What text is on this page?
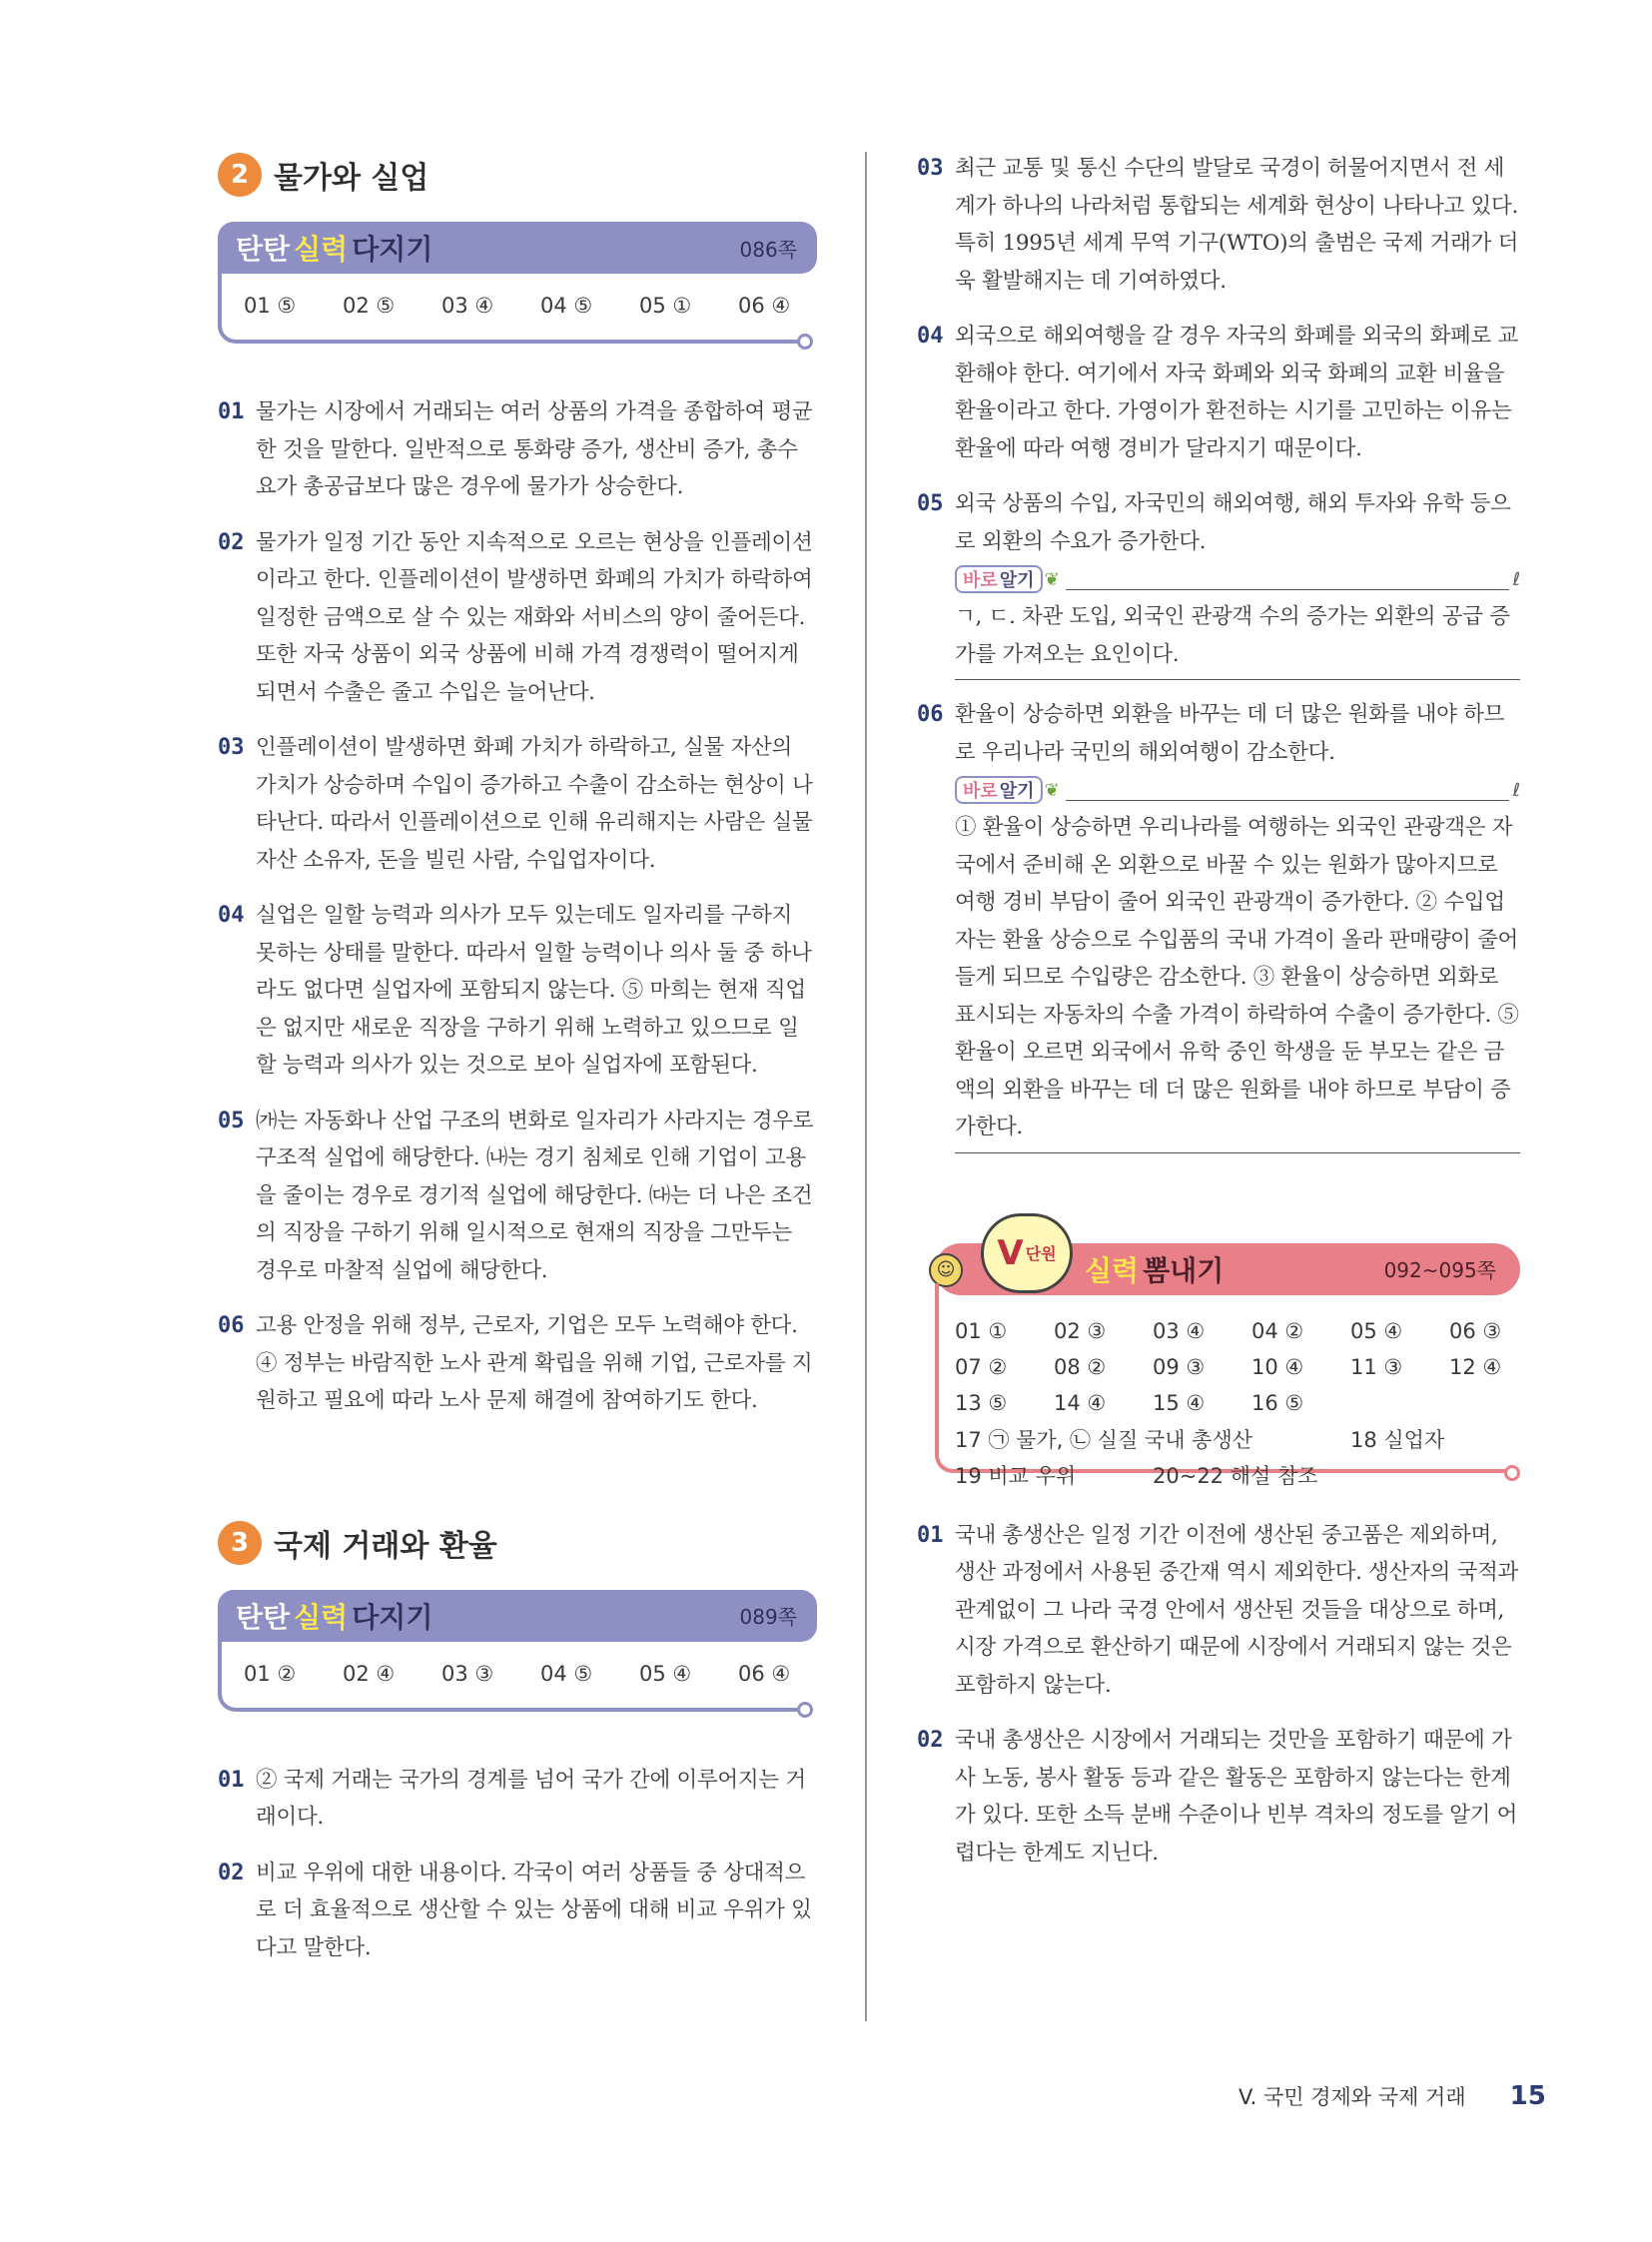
2 물가와 실업
탄탄 실력 다지기	086쪽
01 ⑤	02 ⑤	03 ④	04 ⑤	05 ①	06 ④
01 물가는 시장에서 거래되는 여러 상품의 가격을 종합하여 평균한 것을 말한다. 일반적으로 통화량 증가, 생산비 증가, 총수요가 총공급보다 많은 경우에 물가가 상승한다.
02 물가가 일정 기간 동안 지속적으로 오르는 현상을 인플레이션이라고 한다. 인플레이션이 발생하면 화폐의 가치가 하락하여 일정한 금액으로 살 수 있는 재화와 서비스의 양이 줄어든다. 또한 자국 상품이 외국 상품에 비해 가격 경쟁력이 떨어지게 되면서 수출은 줄고 수입은 늘어난다.
03 인플레이션이 발생하면 화폐 가치가 하락하고, 실물 자산의 가치가 상승하며 수입이 증가하고 수출이 감소하는 현상이 나타난다. 따라서 인플레이션으로 인해 유리해지는 사람은 실물 자산 소유자, 돈을 빌린 사람, 수입업자이다.
04 실업은 일할 능력과 의사가 모두 있는데도 일자리를 구하지 못하는 상태를 말한다. 따라서 일할 능력이나 의사 둘 중 하나라도 없다면 실업자에 포함되지 않는다. ⑤ 마희는 현재 직업은 없지만 새로운 직장을 구하기 위해 노력하고 있으므로 일할 능력과 의사가 있는 것으로 보아 실업자에 포함된다.
05 ㈎는 자동화나 산업 구조의 변화로 일자리가 사라지는 경우로 구조적 실업에 해당한다. ㈏는 경기 침체로 인해 기업이 고용을 줄이는 경우로 경기적 실업에 해당한다. ㈐는 더 나은 조건의 직장을 구하기 위해 일시적으로 현재의 직장을 그만두는 경우로 마찰적 실업에 해당한다.
06 고용 안정을 위해 정부, 근로자, 기업은 모두 노력해야 한다. ④ 정부는 바람직한 노사 관계 확립을 위해 기업, 근로자를 지원하고 필요에 따라 노사 문제 해결에 참여하기도 한다.
3 국제 거래와 환율
탄탄 실력 다지기	089쪽
01 ②	02 ④	03 ③	04 ⑤	05 ④	06 ④
01 ② 국제 거래는 국가의 경계를 넘어 국가 간에 이루어지는 거래이다.
02 비교 우위에 대한 내용이다. 각국이 여러 상품들 중 상대적으로 더 효율적으로 생산할 수 있는 상품에 대해 비교 우위가 있다고 말한다.
03 최근 교통 및 통신 수단의 발달로 국경이 허물어지면서 전 세계가 하나의 나라처럼 통합되는 세계화 현상이 나타나고 있다. 특히 1995년 세계 무역 기구(WTO)의 출범은 국제 거래가 더욱 활발해지는 데 기여하였다.
04 외국으로 해외여행을 갈 경우 자국의 화폐를 외국의 화폐로 교환해야 한다. 여기에서 자국 화폐와 외국 화폐의 교환 비율을 환율이라고 한다. 가영이가 환전하는 시기를 고민하는 이유는 환율에 따라 여행 경비가 달라지기 때문이다.
05 외국 상품의 수입, 자국민의 해외여행, 해외 투자와 유학 등으로 외환의 수요가 증가한다.
바로 알기 ❦	ℓ
ㄱ, ㄷ. 차관 도입, 외국인 관광객 수의 증가는 외환의 공급 증가를 가져오는 요인이다.
06 환율이 상승하면 외환을 바꾸는 데 더 많은 원화를 내야 하므로 우리나라 국민의 해외여행이 감소한다.
바로 알기 ❦	ℓ
① 환율이 상승하면 우리나라를 여행하는 외국인 관광객은 자국에서 준비해 온 외환으로 바꿀 수 있는 원화가 많아지므로 여행 경비 부담이 줄어 외국인 관광객이 증가한다. ② 수입업자는 환율 상승으로 수입품의 국내 가격이 올라 판매량이 줄어들게 되므로 수입량은 감소한다. ③ 환율이 상승하면 외화로 표시되는 자동차의 수출 가격이 하락하여 수출이 증가한다. ⑤ 환율이 오르면 외국에서 유학 중인 학생을 둔 부모는 같은 금액의 외환을 바꾸는 데 더 많은 원화를 내야 하므로 부담이 증가한다.
실력 뽐내기	092~095쪽
☺ V 단원
01 ①	02 ③	03 ④	04 ②	05 ④	06 ③
07 ②	08 ②	09 ③	10 ④	11 ③	12 ④
13 ⑤	14 ④	15 ④	16 ⑤
17 ㉠ 물가, ㉡ 실질 국내 총생산	18 실업자
19 비교 우위	20~22 해설 참조
01 국내 총생산은 일정 기간 이전에 생산된 중고품은 제외하며, 생산 과정에서 사용된 중간재 역시 제외한다. 생산자의 국적과 관계없이 그 나라 국경 안에서 생산된 것들을 대상으로 하며, 시장 가격으로 환산하기 때문에 시장에서 거래되지 않는 것은 포함하지 않는다.
02 국내 총생산은 시장에서 거래되는 것만을 포함하기 때문에 가사 노동, 봉사 활동 등과 같은 활동은 포함하지 않는다는 한계가 있다. 또한 소득 분배 수준이나 빈부 격차의 정도를 알기 어렵다는 한계도 지닌다.
V. 국민 경제와 국제 거래 15
